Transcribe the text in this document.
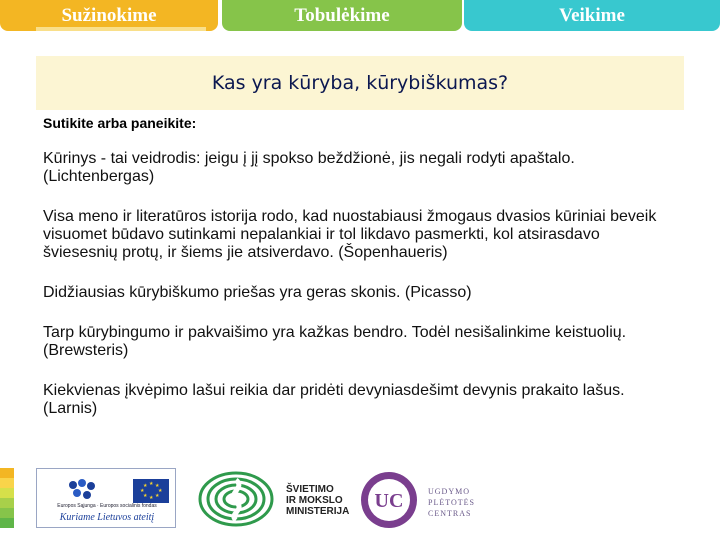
Sužinokime	Tobulėkime	Veikime
Kas yra kūryba, kūrybiškumas?
Sutikite arba paneikite:

Kūrinys - tai veidrodis: jeigu į jį spokso beždžionė, jis negali rodyti apaštalo. (Lichtenbergas)

Visa meno ir literatūros istorija rodo, kad nuostabiausi žmogaus dvasios kūriniai beveik visuomet būdavo sutinkami nepalankiai ir tol likdavo pasmerkti, kol atsirasdavo šviesesnių protų, ir šiems jie atsiverdavo. (Šopenhaueris)

Didžiausias kūrybiškumo priešas yra geras skonis. (Picasso)

Tarp kūrybingumo ir pakvaišimo yra kažkas bendro. Todėl nesišalinkime keistuolių. (Brewsteris)

Kiekvienas įkvėpimo lašui reikia dar pridėti devyniasdešimt devynis prakaito lašus. (Larnis)

★ ★
★
★
★
★
★
★
Europos Sąjunga · Europos socialinis fondas
Kuriame Lietuvos ateitį
ŠVIETIMO
IR MOKSLO
MINISTERIJA UC	UGDYMO
PLĖTOTĖS
CENTRAS
